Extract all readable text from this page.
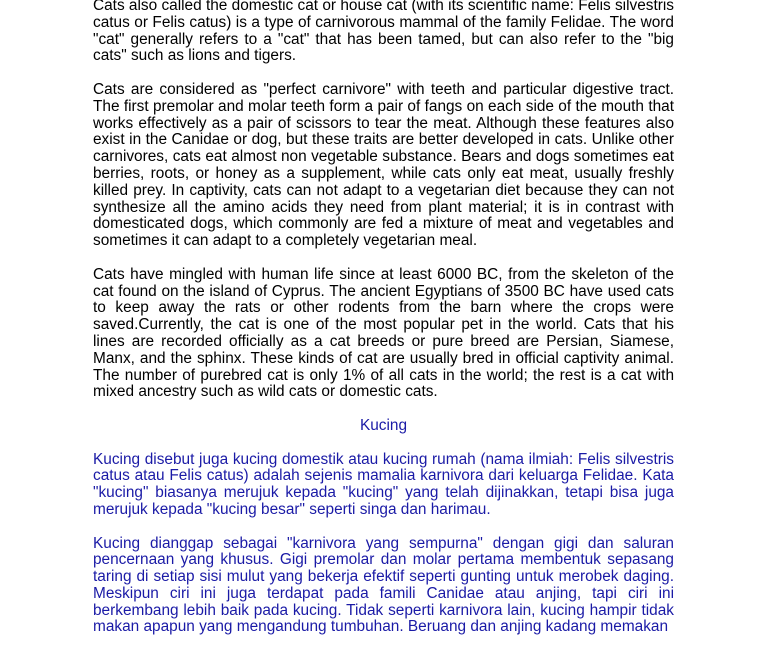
Cats also called the domestic cat or house cat (with its scientific name: Felis silvestris catus or Felis catus) is a type of carnivorous mammal of the family Felidae. The word "cat" generally refers to a "cat" that has been tamed, but can also refer to the "big cats" such as lions and tigers.

Cats are considered as "perfect carnivore" with teeth and particular digestive tract. The first premolar and molar teeth form a pair of fangs on each side of the mouth that works effectively as a pair of scissors to tear the meat. Although these features also exist in the Canidae or dog, but these traits are better developed in cats. Unlike other carnivores, cats eat almost non vegetable substance. Bears and dogs sometimes eat berries, roots, or honey as a supplement, while cats only eat meat, usually freshly killed prey. In captivity, cats can not adapt to a vegetarian diet because they can not synthesize all the amino acids they need from plant material; it is in contrast with domesticated dogs, which commonly are fed a mixture of meat and vegetables and sometimes it can adapt to a completely vegetarian meal.

Cats have mingled with human life since at least 6000 BC, from the skeleton of the cat found on the island of Cyprus. The ancient Egyptians of 3500 BC have used cats to keep away the rats or other rodents from the barn where the crops were saved.Currently, the cat is one of the most popular pet in the world. Cats that his lines are recorded officially as a cat breeds or pure breed are Persian, Siamese, Manx, and the sphinx. These kinds of cat are usually bred in official captivity animal. The number of purebred cat is only 1% of all cats in the world; the rest is a cat with mixed ancestry such as wild cats or domestic cats.

Kucing

Kucing disebut juga kucing domestik atau kucing rumah (nama ilmiah: Felis silvestris catus atau Felis catus) adalah sejenis mamalia karnivora dari keluarga Felidae. Kata "kucing" biasanya merujuk kepada "kucing" yang telah dijinakkan, tetapi bisa juga merujuk kepada "kucing besar" seperti singa dan harimau.

Kucing dianggap sebagai "karnivora yang sempurna" dengan gigi dan saluran pencernaan yang khusus. Gigi premolar dan molar pertama membentuk sepasang taring di setiap sisi mulut yang bekerja efektif seperti gunting untuk merobek daging. Meskipun ciri ini juga terdapat pada famili Canidae atau anjing, tapi ciri ini berkembang lebih baik pada kucing. Tidak seperti karnivora lain, kucing hampir tidak makan apapun yang mengandung tumbuhan. Beruang dan anjing kadang memakan
